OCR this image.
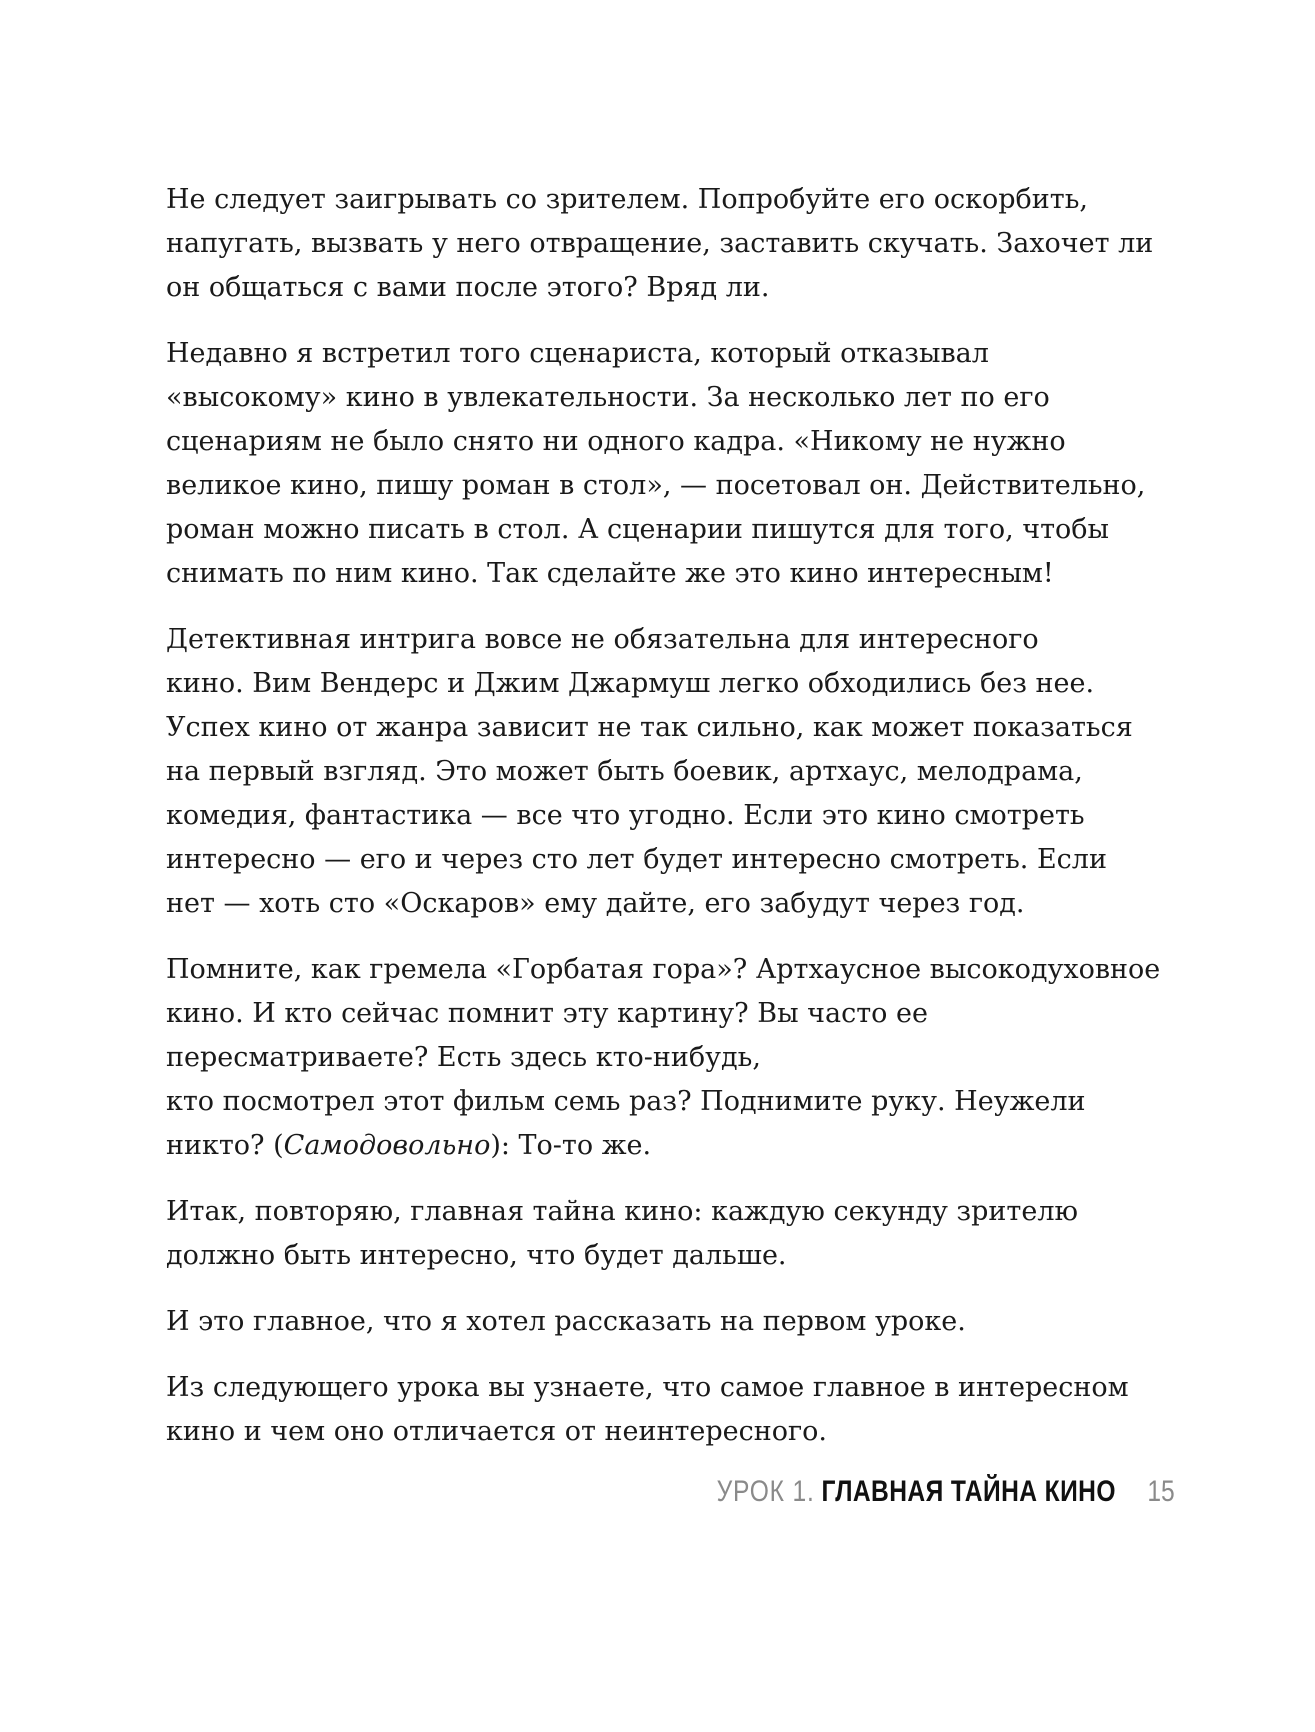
Не следует заигрывать со зрителем. Попробуйте его оскорбить,
напугать, вызвать у него отвращение, заставить скучать. Захочет ли
он общаться с вами после этого? Вряд ли.

Недавно я встретил того сценариста, который отказывал
«высокому» кино в увлекательности. За несколько лет по его
сценариям не было снято ни одного кадра. «Никому не нужно
великое кино, пишу роман в стол», — посетовал он. Действительно,
роман можно писать в стол. А сценарии пишутся для того, чтобы
снимать по ним кино. Так сделайте же это кино интересным!

Детективная интрига вовсе не обязательна для интересного
кино. Вим Вендерс и Джим Джармуш легко обходились без нее.
Успех кино от жанра зависит не так сильно, как может показаться
на первый взгляд. Это может быть боевик, артхаус, мелодрама,
комедия, фантастика — все что угодно. Если это кино смотреть
интересно — его и через сто лет будет интересно смотреть. Если
нет — хоть сто «Оскаров» ему дайте, его забудут через год.

Помните, как гремела «Горбатая гора»? Артхаусное высокодуховное
кино. И кто сейчас помнит эту картину? Вы часто ее
пересматриваете? Есть здесь кто-нибудь,
кто посмотрел этот фильм семь раз? Поднимите руку. Неужели
никто? (Самодовольно): То-то же.

Итак, повторяю, главная тайна кино: каждую секунду зрителю
должно быть интересно, что будет дальше.

И это главное, что я хотел рассказать на первом уроке.

Из следующего урока вы узнаете, что самое главное в интересном
кино и чем оно отличается от неинтересного.

УРОК 1. ГЛАВНАЯ ТАЙНА КИНО 15
